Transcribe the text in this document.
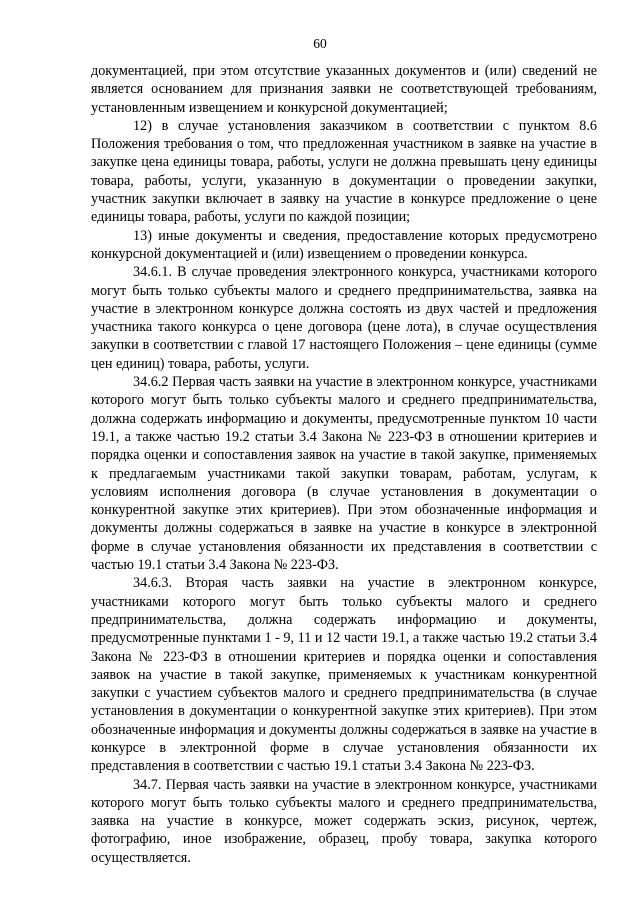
60

документацией, при этом отсутствие указанных документов и (или) сведений не является основанием для признания заявки не соответствующей требованиям, установленным извещением и конкурсной документацией;

12) в случае установления заказчиком в соответствии с пунктом 8.6 Положения требования о том, что предложенная участником в заявке на участие в закупке цена единицы товара, работы, услуги не должна превышать цену единицы товара, работы, услуги, указанную в документации о проведении закупки, участник закупки включает в заявку на участие в конкурсе предложение о цене единицы товара, работы, услуги по каждой позиции;

13) иные документы и сведения, предоставление которых предусмотрено конкурсной документацией и (или) извещением о проведении конкурса.

34.6.1. В случае проведения электронного конкурса, участниками которого могут быть только субъекты малого и среднего предпринимательства, заявка на участие в электронном конкурсе должна состоять из двух частей и предложения участника такого конкурса о цене договора (цене лота), в случае осуществления закупки в соответствии с главой 17 настоящего Положения – цене единицы (сумме цен единиц) товара, работы, услуги.

34.6.2 Первая часть заявки на участие в электронном конкурсе, участниками которого могут быть только субъекты малого и среднего предпринимательства, должна содержать информацию и документы, предусмотренные пунктом 10 части 19.1, а также частью 19.2 статьи 3.4 Закона № 223-ФЗ в отношении критериев и порядка оценки и сопоставления заявок на участие в такой закупке, применяемых к предлагаемым участниками такой закупки товарам, работам, услугам, к условиям исполнения договора (в случае установления в документации о конкурентной закупке этих критериев). При этом обозначенные информация и документы должны содержаться в заявке на участие в конкурсе в электронной форме в случае установления обязанности их представления в соответствии с частью 19.1 статьи 3.4 Закона № 223-ФЗ.

34.6.3. Вторая часть заявки на участие в электронном конкурсе, участниками которого могут быть только субъекты малого и среднего предпринимательства, должна содержать информацию и документы, предусмотренные пунктами 1 - 9, 11 и 12 части 19.1, а также частью 19.2 статьи 3.4 Закона № 223-ФЗ в отношении критериев и порядка оценки и сопоставления заявок на участие в такой закупке, применяемых к участникам конкурентной закупки с участием субъектов малого и среднего предпринимательства (в случае установления в документации о конкурентной закупке этих критериев). При этом обозначенные информация и документы должны содержаться в заявке на участие в конкурсе в электронной форме в случае установления обязанности их представления в соответствии с частью 19.1 статьи 3.4 Закона № 223-ФЗ.

34.7. Первая часть заявки на участие в электронном конкурсе, участниками которого могут быть только субъекты малого и среднего предпринимательства, заявка на участие в конкурсе, может содержать эскиз, рисунок, чертеж, фотографию, иное изображение, образец, пробу товара, закупка которого осуществляется.
